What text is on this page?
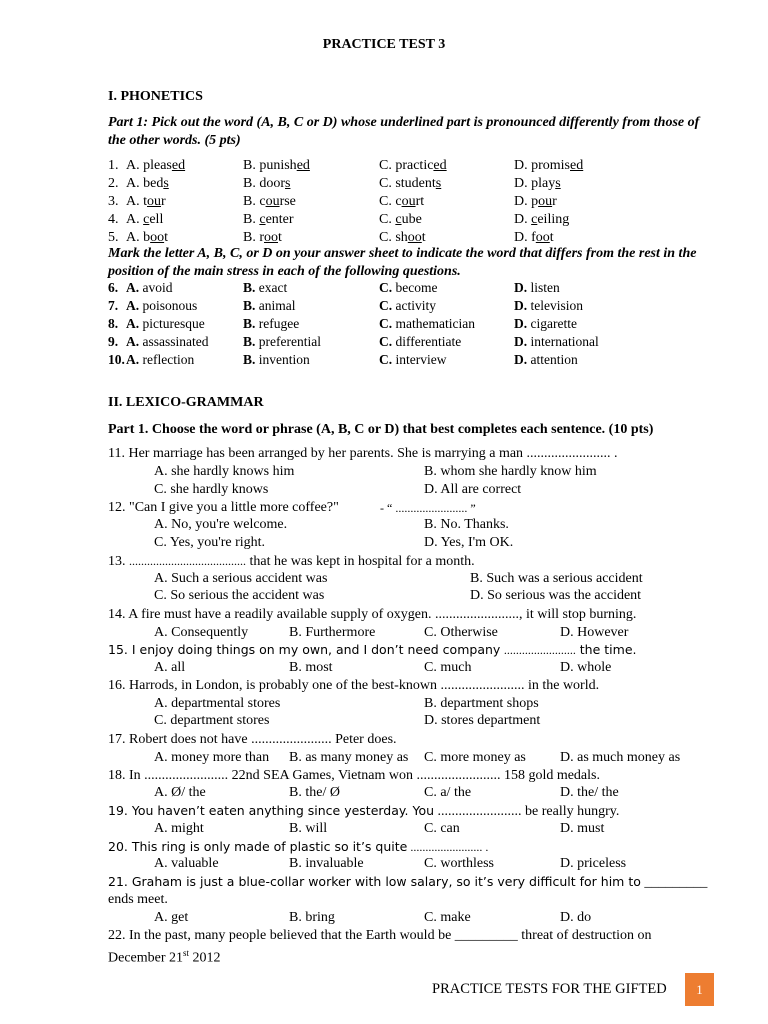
PRACTICE TEST 3
I. PHONETICS
Part 1: Pick out the word (A, B, C or D) whose underlined part is pronounced differently from those of the other words. (5 pts)
1. A. pleased	B. punished	C. practiced	D. promised
2. A. beds	B. doors	C. students	D. plays
3. A. tour	B. course	C. court	D. pour
4. A. cell	B. center	C. cube	D. ceiling
5. A. boot	B. root	C. shoot	D. foot
Mark the letter A, B, C, or D on your answer sheet to indicate the word that differs from the rest in the position of the main stress in each of the following questions.
6. A. avoid	B. exact	C. become	D. listen
7. A. poisonous	B. animal	C. activity	D. television
8. A. picturesque	B. refugee	C. mathematician	D. cigarette
9. A. assassinated	B. preferential	C. differentiate	D. international
10. A. reflection	B. invention	C. interview	D. attention
II. LEXICO-GRAMMAR
Part 1. Choose the word or phrase (A, B, C or D) that best completes each sentence. (10 pts)
11. Her marriage has been arranged by her parents. She is marrying a man ........................ .
A. she hardly knows him	B. whom she hardly know him
C. she hardly knows	D. All are correct
12. "Can I give you a little more coffee?"	- “ ........................ ”
A. No, you're welcome.	B. No. Thanks.
C. Yes, you're right.	D. Yes, I'm OK.
13. ....................................... that he was kept in hospital for a month.
A. Such a serious accident was	B. Such was a serious accident
C. So serious the accident was	D. So serious was the accident
14. A fire must have a readily available supply of oxygen. ........................, it will stop burning.
A. Consequently	B. Furthermore	C. Otherwise	D. However
15. I enjoy doing things on my own, and I don’t need company ........................ the time.
A. all	B. most	C. much	D. whole
16. Harrods, in London, is probably one of the best-known ........................ in the world.
A. departmental stores	B. department shops
C. department stores	D. stores department
17. Robert does not have ....................... Peter does.
A. money more than B. as many money as C. more money as D. as much money as
18. In ........................ 22nd SEA Games, Vietnam won ........................ 158 gold medals.
A. Ø/ the	B. the/ Ø	C. a/ the	D. the/ the
19. You haven’t eaten anything since yesterday. You ........................ be really hungry.
A. might	B. will	C. can	D. must
20. This ring is only made of plastic so it’s quite ........................ .
A. valuable	B. invaluable	C. worthless	D. priceless
21. Graham is just a blue-collar worker with low salary, so it’s very difficult for him to _________
ends meet.
A. get	B. bring	C. make	D. do
22. In the past, many people believed that the Earth would be _________ threat of destruction on
December 21st 2012
PRACTICE TESTS FOR THE GIFTED	1
